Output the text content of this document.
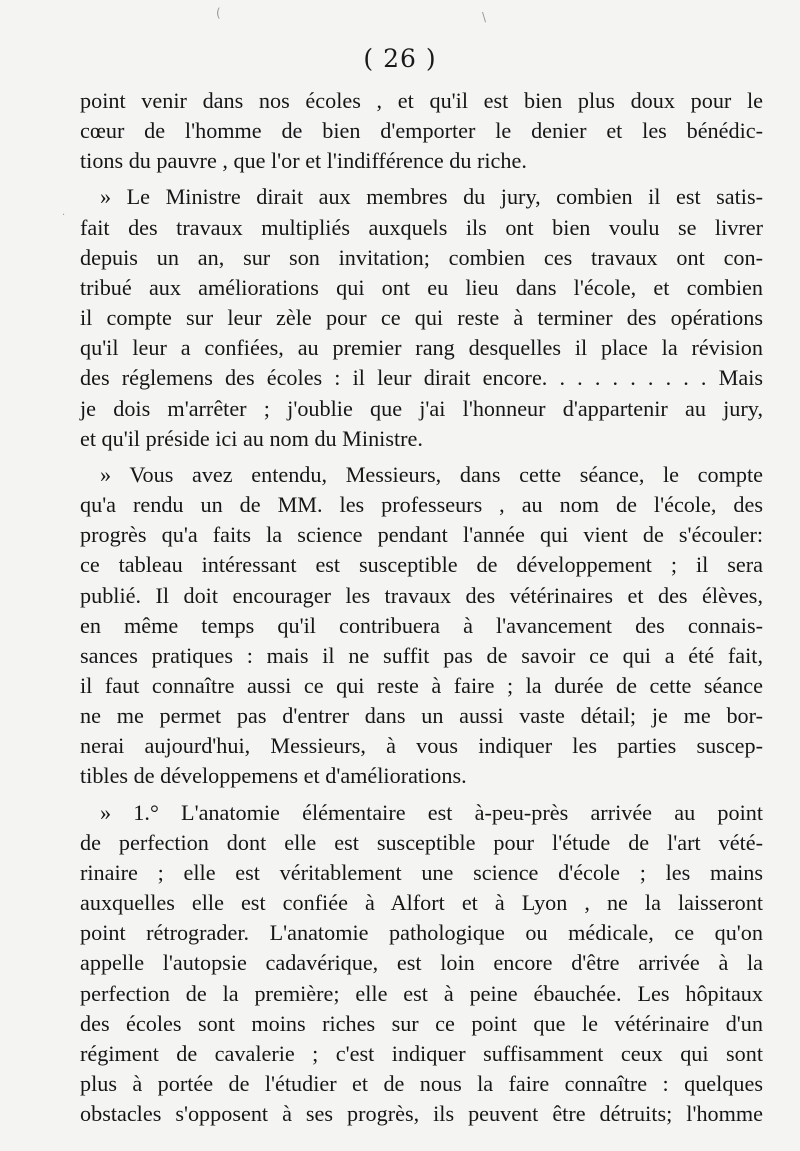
(	\
·
( 26 )

point venir dans nos écoles , et qu'il est bien plus doux pour le
cœur de l'homme de bien d'emporter le denier et les bénédic-
tions du pauvre , que l'or et l'indifférence du riche.

» Le Ministre dirait aux membres du jury, combien il est satis-
fait des travaux multipliés auxquels ils ont bien voulu se livrer
depuis un an, sur son invitation; combien ces travaux ont con-
tribué aux améliorations qui ont eu lieu dans l'école, et combien
il compte sur leur zèle pour ce qui reste à terminer des opérations
qu'il leur a confiées, au premier rang desquelles il place la révision
des réglemens des écoles : il leur dirait encore. . . . . . . . . . Mais
je dois m'arrêter ; j'oublie que j'ai l'honneur d'appartenir au jury,
et qu'il préside ici au nom du Ministre.

» Vous avez entendu, Messieurs, dans cette séance, le compte
qu'a rendu un de MM. les professeurs , au nom de l'école, des
progrès qu'a faits la science pendant l'année qui vient de s'écouler:
ce tableau intéressant est susceptible de développement ; il sera
publié. Il doit encourager les travaux des vétérinaires et des élèves,
en même temps qu'il contribuera à l'avancement des connais-
sances pratiques : mais il ne suffit pas de savoir ce qui a été fait,
il faut connaître aussi ce qui reste à faire ; la durée de cette séance
ne me permet pas d'entrer dans un aussi vaste détail; je me bor-
nerai aujourd'hui, Messieurs, à vous indiquer les parties suscep-
tibles de développemens et d'améliorations.

» 1.° L'anatomie élémentaire est à-peu-près arrivée au point
de perfection dont elle est susceptible pour l'étude de l'art vété-
rinaire ; elle est véritablement une science d'école ; les mains
auxquelles elle est confiée à Alfort et à Lyon , ne la laisseront
point rétrograder. L'anatomie pathologique ou médicale, ce qu'on
appelle l'autopsie cadavérique, est loin encore d'être arrivée à la
perfection de la première; elle est à peine ébauchée. Les hôpitaux
des écoles sont moins riches sur ce point que le vétérinaire d'un
régiment de cavalerie ; c'est indiquer suffisamment ceux qui sont
plus à portée de l'étudier et de nous la faire connaître : quelques
obstacles s'opposent à ses progrès, ils peuvent être détruits; l'homme
